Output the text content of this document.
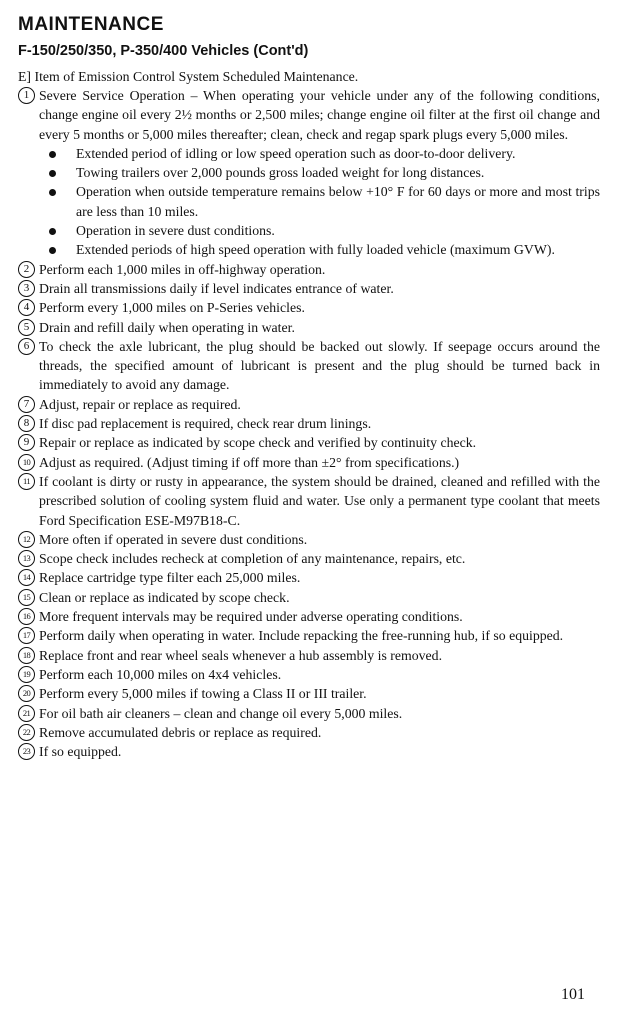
MAINTENANCE
F-150/250/350, P-350/400 Vehicles (Cont'd)
E] Item of Emission Control System Scheduled Maintenance.
1 Severe Service Operation – When operating your vehicle under any of the following conditions, change engine oil every 2½ months or 2,500 miles; change engine oil filter at the first oil change and every 5 months or 5,000 miles thereafter; clean, check and regap spark plugs every 5,000 miles.
Extended period of idling or low speed operation such as door-to-door delivery.
Towing trailers over 2,000 pounds gross loaded weight for long distances.
Operation when outside temperature remains below +10° F for 60 days or more and most trips are less than 10 miles.
Operation in severe dust conditions.
Extended periods of high speed operation with fully loaded vehicle (maximum GVW).
2 Perform each 1,000 miles in off-highway operation.
3 Drain all transmissions daily if level indicates entrance of water.
4 Perform every 1,000 miles on P-Series vehicles.
5 Drain and refill daily when operating in water.
6 To check the axle lubricant, the plug should be backed out slowly. If seepage occurs around the threads, the specified amount of lubricant is present and the plug should be turned back in immediately to avoid any damage.
7 Adjust, repair or replace as required.
8 If disc pad replacement is required, check rear drum linings.
9 Repair or replace as indicated by scope check and verified by continuity check.
10 Adjust as required. (Adjust timing if off more than ±2° from specifications.)
11 If coolant is dirty or rusty in appearance, the system should be drained, cleaned and refilled with the prescribed solution of cooling system fluid and water. Use only a permanent type coolant that meets Ford Specification ESE-M97B18-C.
12 More often if operated in severe dust conditions.
13 Scope check includes recheck at completion of any maintenance, repairs, etc.
14 Replace cartridge type filter each 25,000 miles.
15 Clean or replace as indicated by scope check.
16 More frequent intervals may be required under adverse operating conditions.
17 Perform daily when operating in water. Include repacking the free-running hub, if so equipped.
18 Replace front and rear wheel seals whenever a hub assembly is removed.
19 Perform each 10,000 miles on 4x4 vehicles.
20 Perform every 5,000 miles if towing a Class II or III trailer.
21 For oil bath air cleaners – clean and change oil every 5,000 miles.
22 Remove accumulated debris or replace as required.
23 If so equipped.
101
